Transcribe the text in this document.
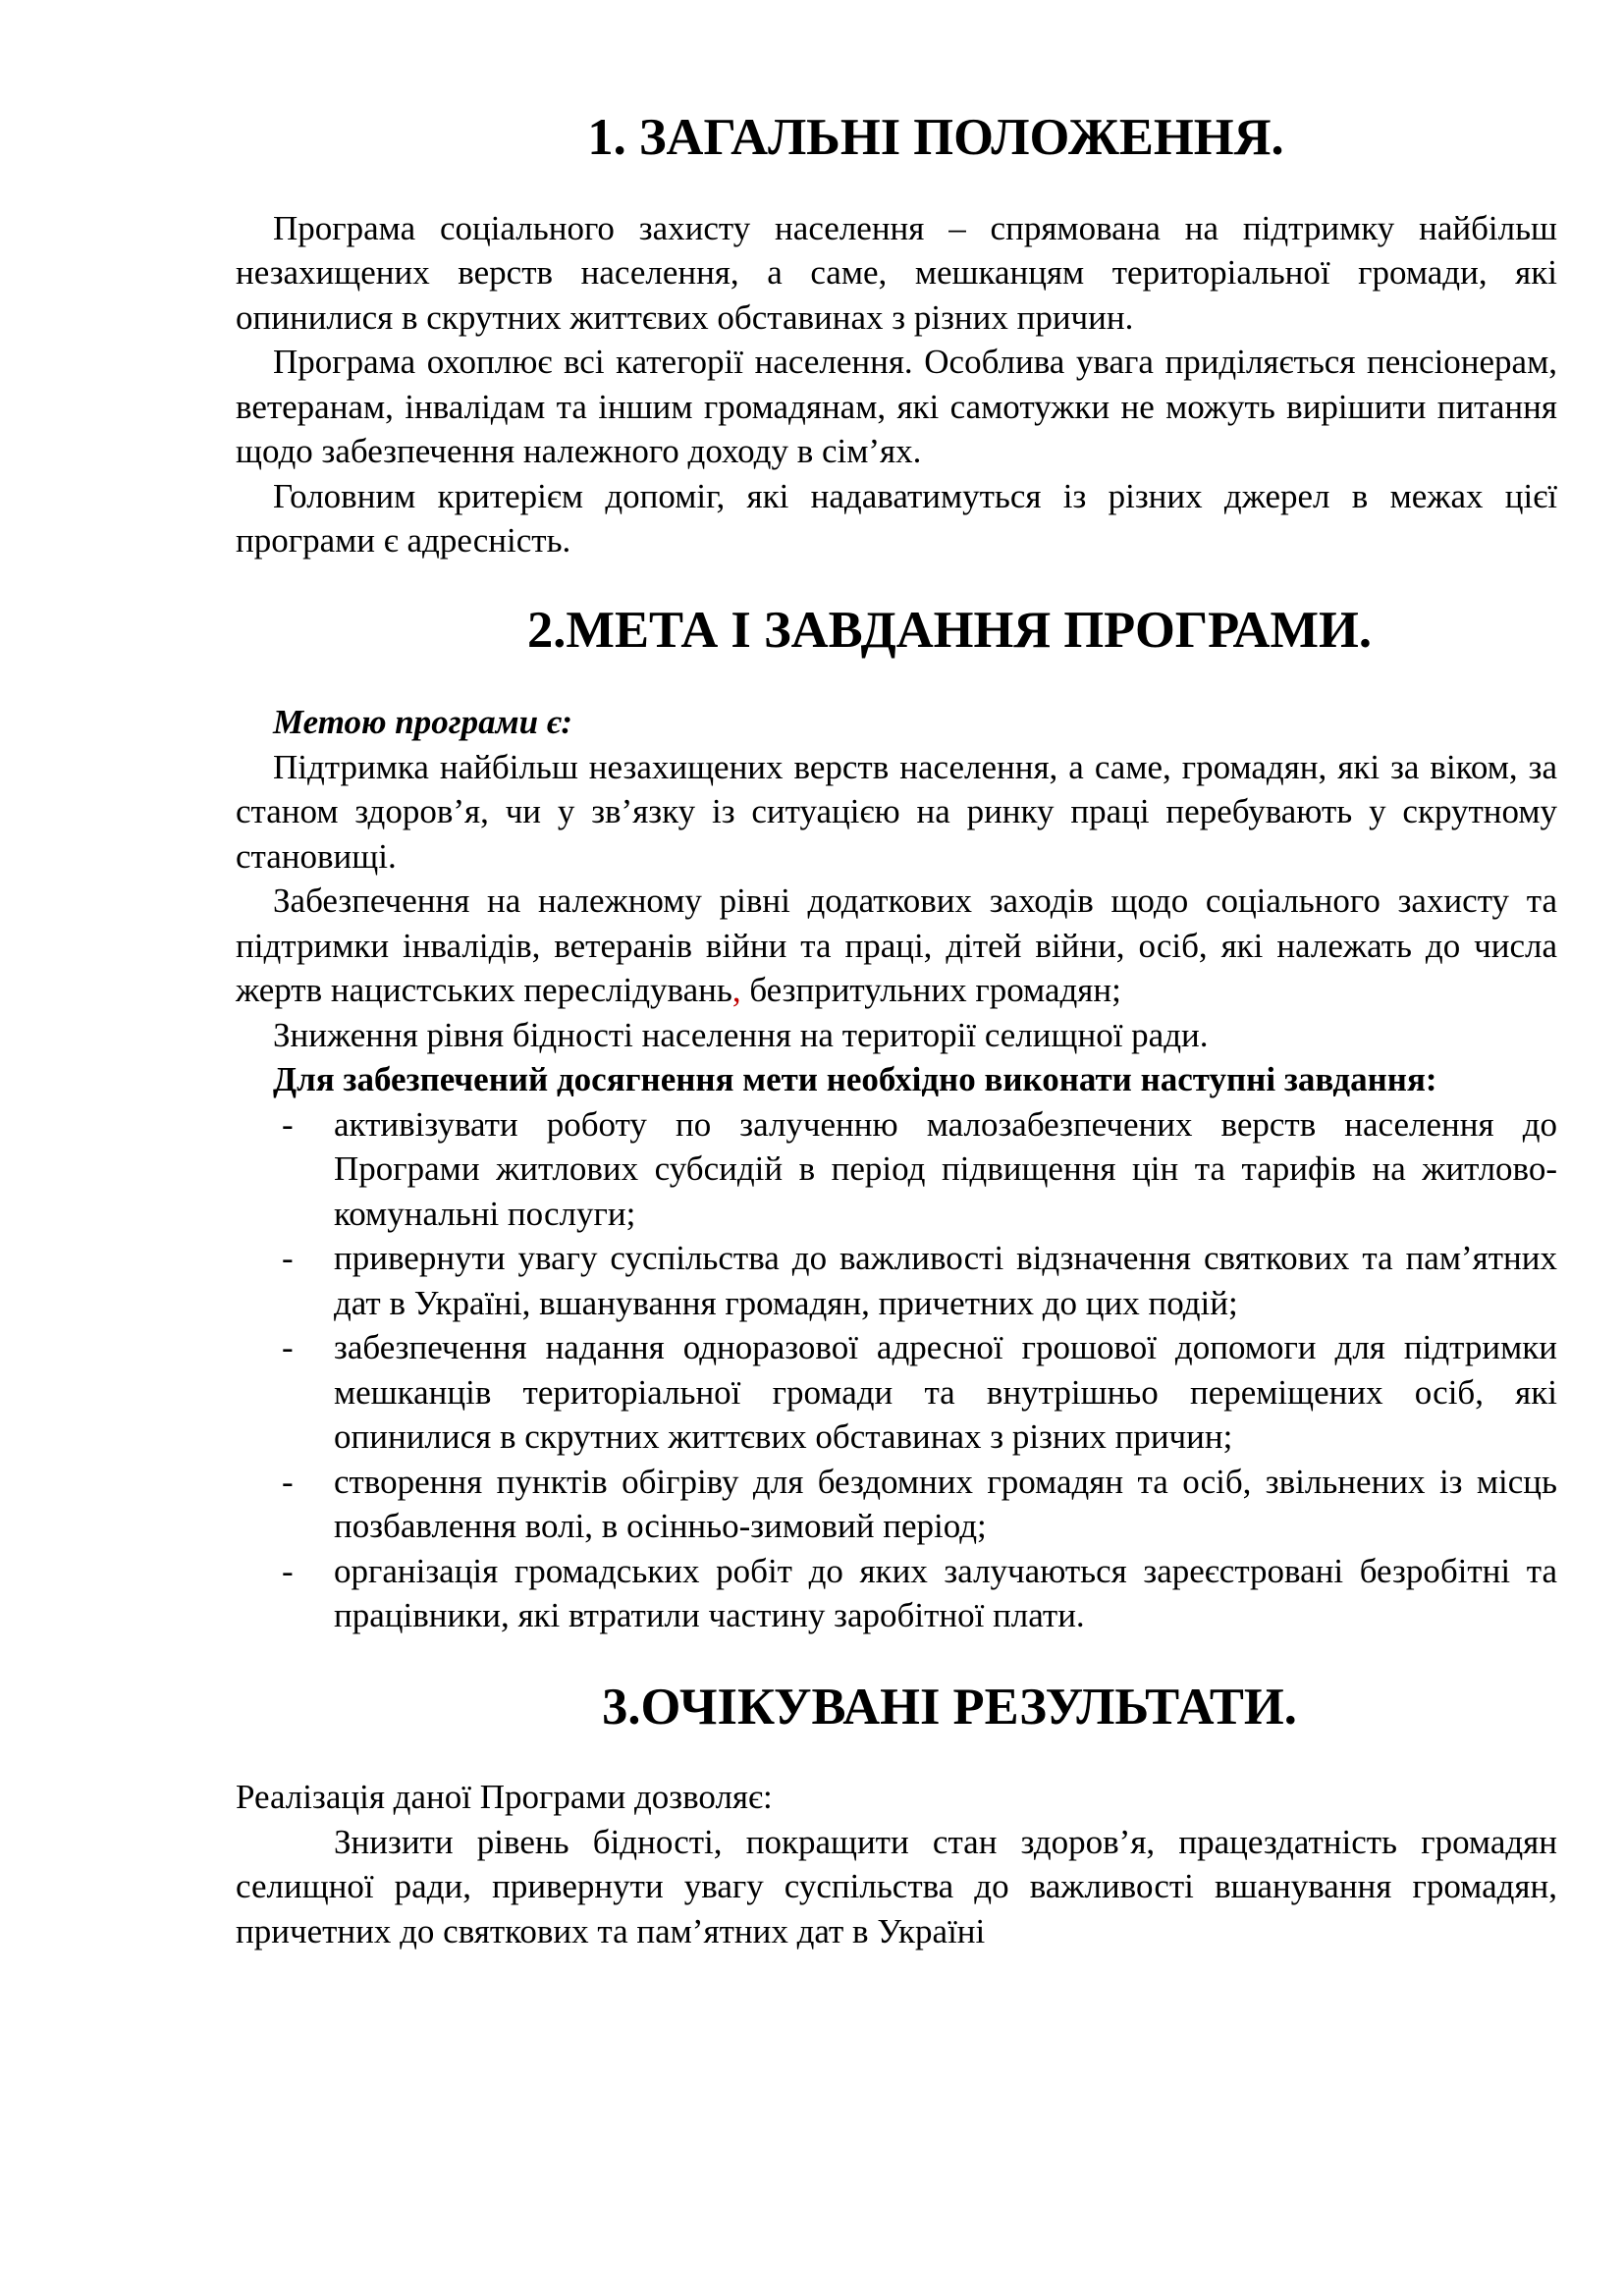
1. ЗАГАЛЬНІ ПОЛОЖЕННЯ.

Програма соціального захисту населення – спрямована на підтримку найбільш незахищених верств населення, а саме, мешканцям територіальної громади, які опинилися в скрутних життєвих обставинах з різних причин.

Програма охоплює всі категорії населення. Особлива увага приділяється пенсіонерам, ветеранам, інвалідам та іншим громадянам, які самотужки не можуть вирішити питання щодо забезпечення належного доходу в сім’ях.

Головним критерієм допоміг, які надаватимуться із різних джерел в межах цієї програми є адресність.

2.МЕТА І ЗАВДАННЯ ПРОГРАМИ.

Метою програми є:

Підтримка найбільш незахищених верств населення, а саме, громадян, які за віком, за станом здоров’я, чи у зв’язку із ситуацією на ринку праці перебувають у скрутному становищі.

Забезпечення на належному рівні додаткових заходів щодо соціального захисту та підтримки інвалідів, ветеранів війни та праці, дітей війни, осіб, які належать до числа жертв нацистських переслідувань, безпритульних громадян;

Зниження рівня бідності населення на території селищної ради.

Для забезпечений досягнення мети необхідно виконати наступні завдання:

- активізувати роботу по залученню малозабезпечених верств населення до Програми житлових субсидій в період підвищення цін та тарифів на житлово-комунальні послуги;
- привернути увагу суспільства до важливості відзначення святкових та пам’ятних дат в Україні, вшанування громадян, причетних до цих подій;
- забезпечення надання одноразової адресної грошової допомоги для підтримки мешканців територіальної громади та внутрішньо переміщених осіб, які опинилися в скрутних життєвих обставинах з різних причин;
- створення пунктів обігріву для бездомних громадян та осіб, звільнених із місць позбавлення волі, в осінньо-зимовий період;
- організація громадських робіт до яких залучаються зареєстровані безробітні та працівники, які втратили частину заробітної плати.
3.ОЧІКУВАНІ РЕЗУЛЬТАТИ.

Реалізація даної Програми дозволяє:

Знизити рівень бідності, покращити стан здоров’я, працездатність громадян селищної ради, привернути увагу суспільства до важливості вшанування громадян, причетних до святкових та пам’ятних дат в Україні
